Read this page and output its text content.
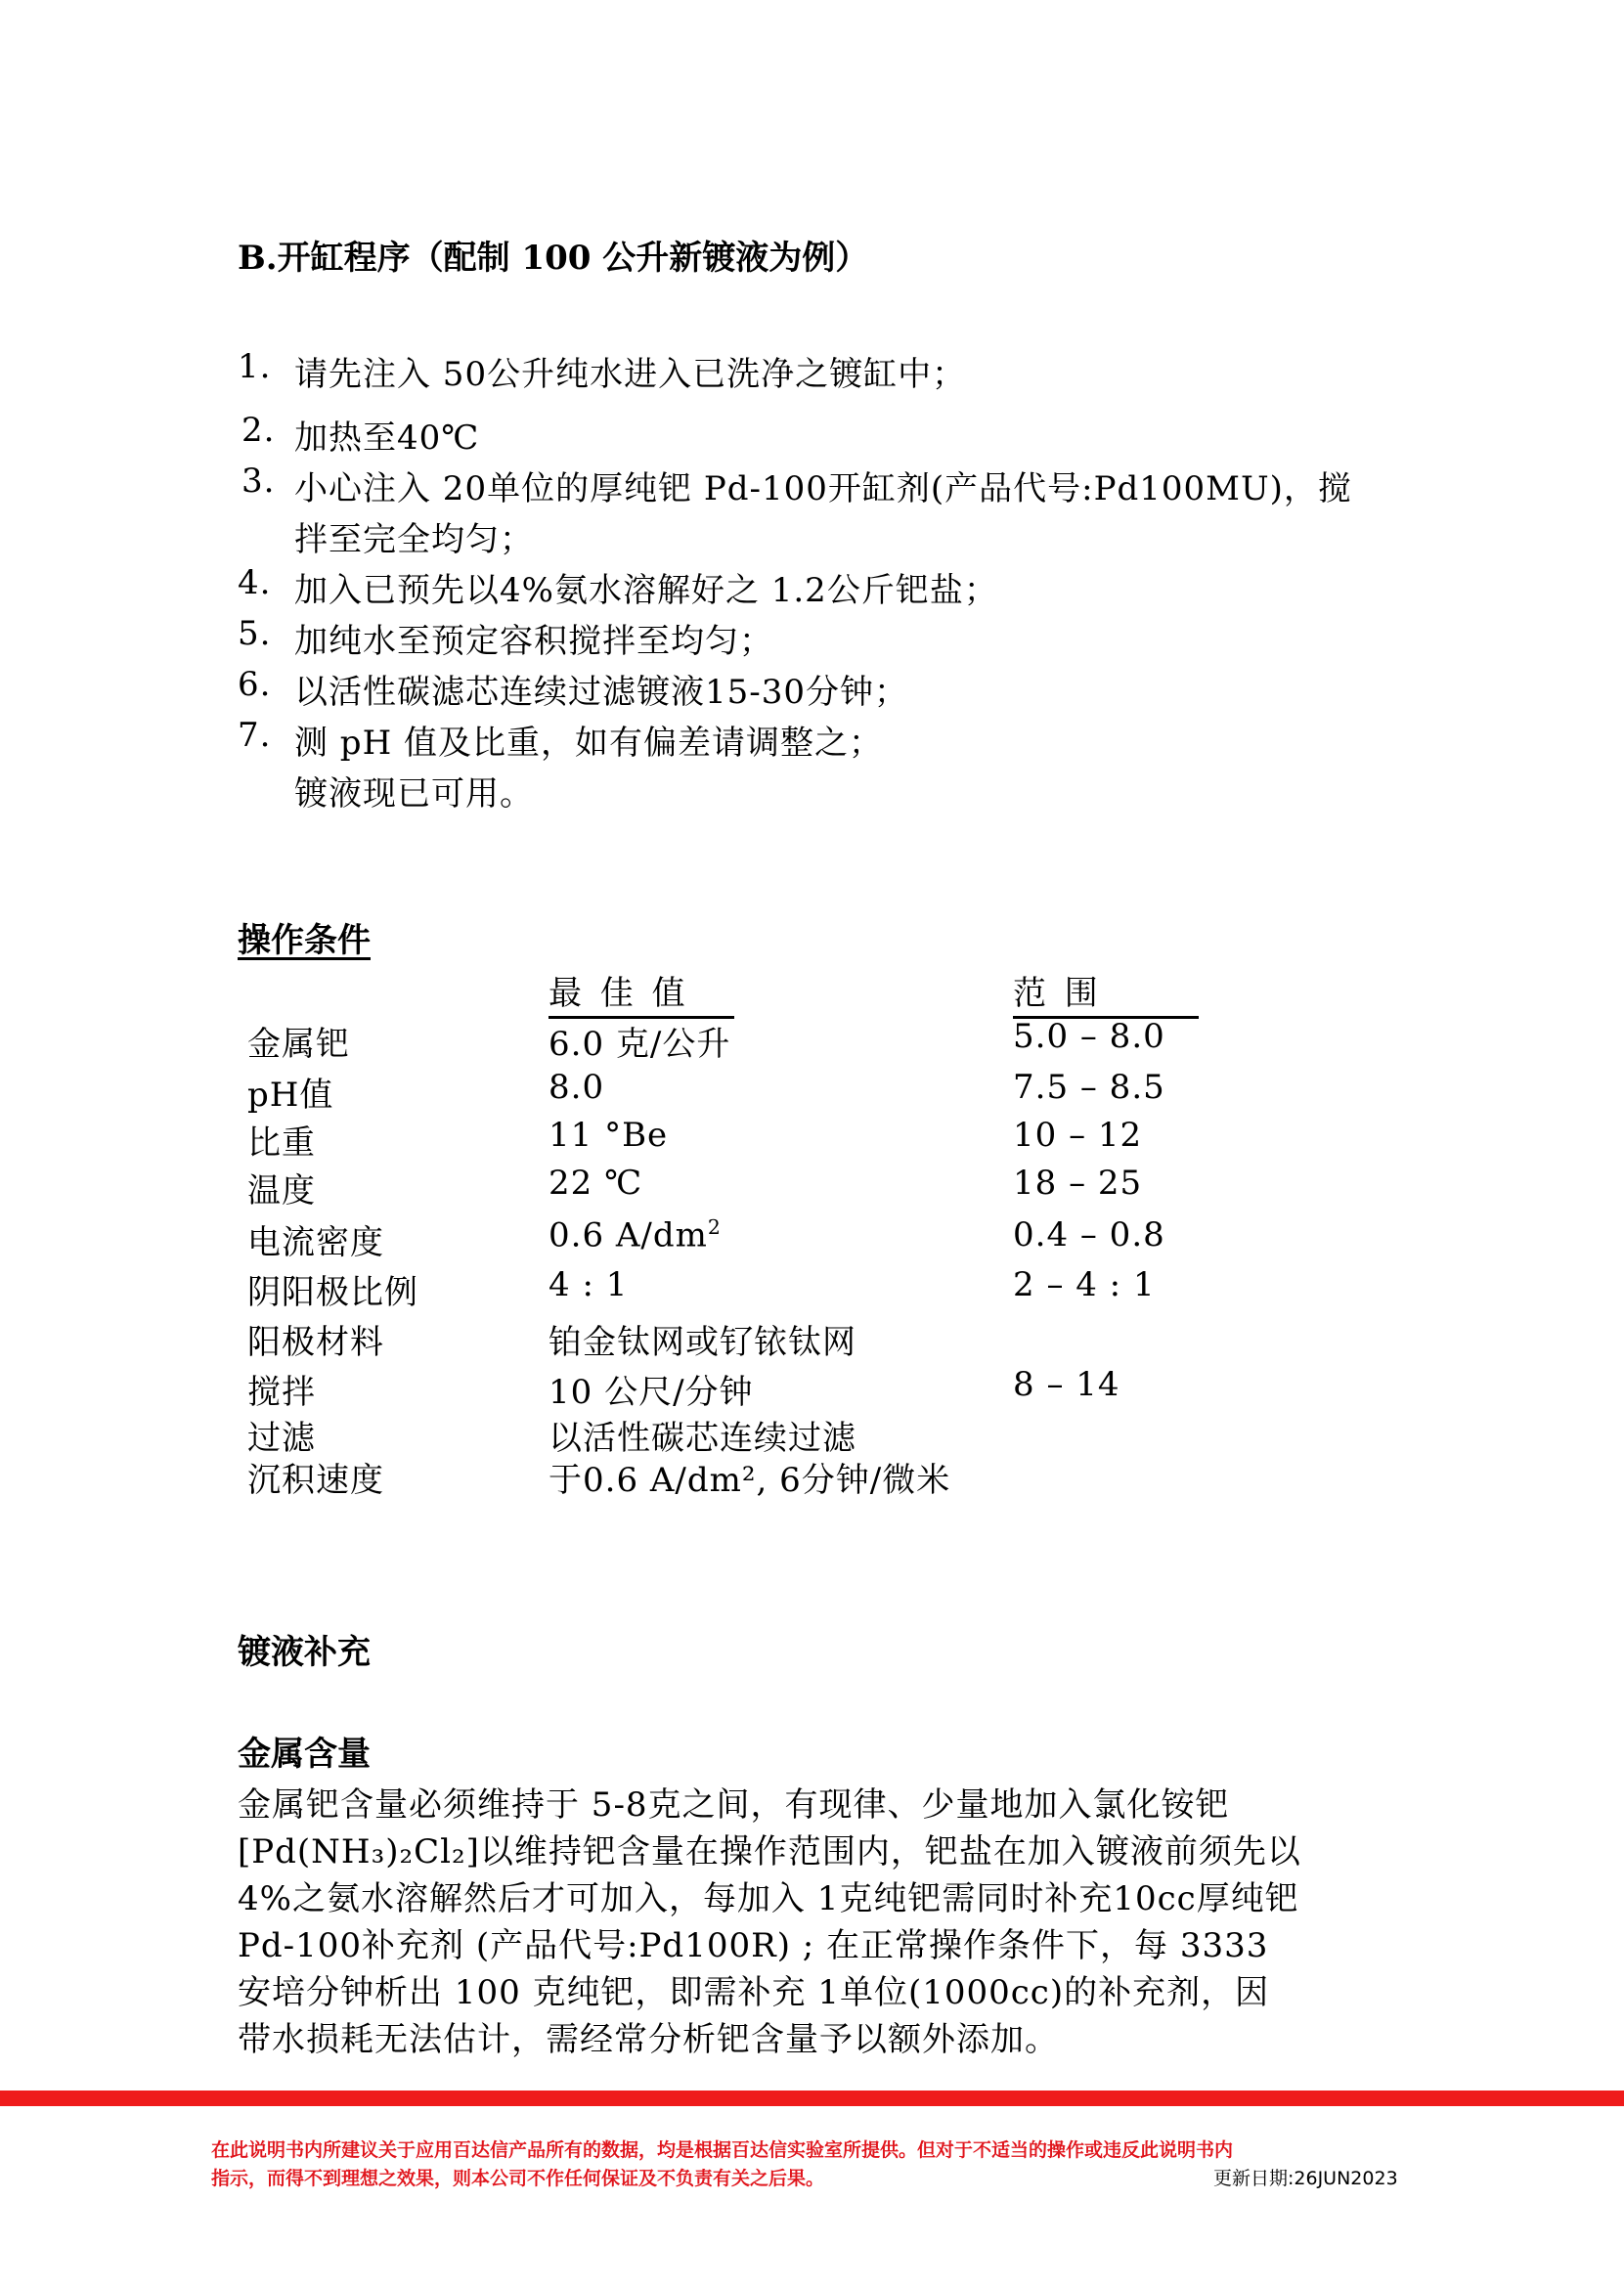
B.开缸程序（配制 100 公升新镀液为例）
1. 请先注入 50公升纯水进入已洗净之镀缸中；
2. 加热至40℃
3. 小心注入 20单位的厚纯钯 Pd-100开缸剂(产品代号:Pd100MU)，搅
拌至完全均匀；
4. 加入已预先以4%氨水溶解好之 1.2公斤钯盐；
5. 加纯水至预定容积搅拌至均匀；
6. 以活性碳滤芯连续过滤镀液15-30分钟；
7. 测 pH 值及比重，如有偏差请调整之；
镀液现已可用。
操作条件
最 佳 值	范 围
金属钯	6.0 克/公升	5.0 – 8.0
pH值	8.0	7.5 – 8.5
比重	11 °Be	10 – 12
温度	22 ℃	18 – 25
电流密度	0.6 $A/dm^2$	0.4 – 0.8
阴阳极比例	4 : 1	2 – 4 : 1
阳极材料	铂金钛网或钌铱钛网
搅拌	10 公尺/分钟	8 – 14
过滤	以活性碳芯连续过滤
沉积速度	于0.6 A/dm², 6分钟/微米
镀液补充
金属含量
金属钯含量必须维持于 5-8克之间，有现律、少量地加入氯化铵钯
[Pd(NH₃)₂Cl₂]以维持钯含量在操作范围内，钯盐在加入镀液前须先以
4%之氨水溶解然后才可加入，每加入 1克纯钯需同时补充10cc厚纯钯
Pd-100补充剂 (产品代号:Pd100R) ; 在正常操作条件下，每 3333
安培分钟析出 100 克纯钯，即需补充 1单位(1000cc)的补充剂，因
带水损耗无法估计，需经常分析钯含量予以额外添加。
在此说明书内所建议关于应用百达信产品所有的数据，均是根据百达信实验室所提供。但对于不适当的操作或违反此说明书内
指示，而得不到理想之效果，则本公司不作任何保证及不负责有关之后果。	更新日期:26JUN2023
